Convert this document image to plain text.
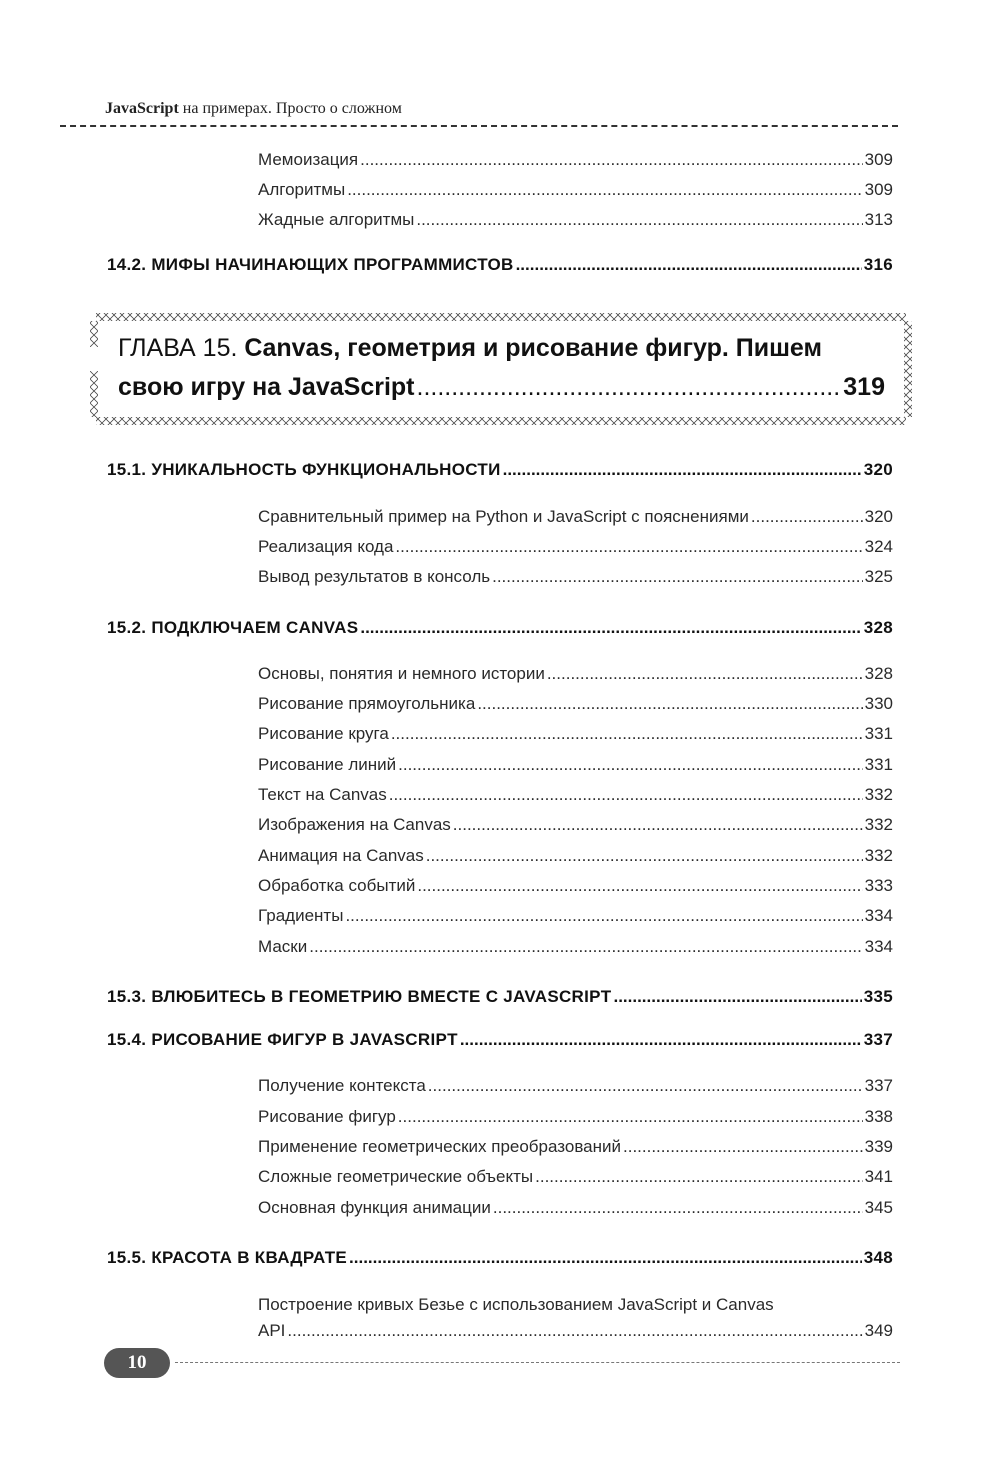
JavaScript на примерах. Просто о сложном
Мемоизация .....	309
Алгоритмы .....	309
Жадные алгоритмы .....	313
14.2. МИФЫ НАЧИНАЮЩИХ ПРОГРАММИСТОВ .....	316
ГЛАВА 15. Canvas, геометрия и рисование фигур. Пишем
свою игру на JavaScript .....	319
15.1. УНИКАЛЬНОСТЬ ФУНКЦИОНАЛЬНОСТИ .....	320
Сравнительный пример на Python и JavaScript с пояснениями .....	320
Реализация кода .....	324
Вывод результатов в консоль .....	325
15.2. ПОДКЛЮЧАЕМ CANVAS .....	328
Основы, понятия и немного истории .....	328
Рисование прямоугольника .....	330
Рисование круга .....	331
Рисование линий .....	331
Текст на Canvas .....	332
Изображения на Canvas .....	332
Анимация на Canvas .....	332
Обработка событий .....	333
Градиенты .....	334
Маски .....	334
15.3. ВЛЮБИТЕСЬ В ГЕОМЕТРИЮ ВМЕСТЕ С JAVASCRIPT .....	335
15.4. РИСОВАНИЕ ФИГУР В JAVASCRIPT .....	337
Получение контекста .....	337
Рисование фигур .....	338
Применение геометрических преобразований .....	339
Сложные геометрические объекты .....	341
Основная функция анимации .....	345
15.5. КРАСОТА В КВАДРАТЕ .....	348
Построение кривых Безье с использованием JavaScript и Canvas
API .....	349
10
